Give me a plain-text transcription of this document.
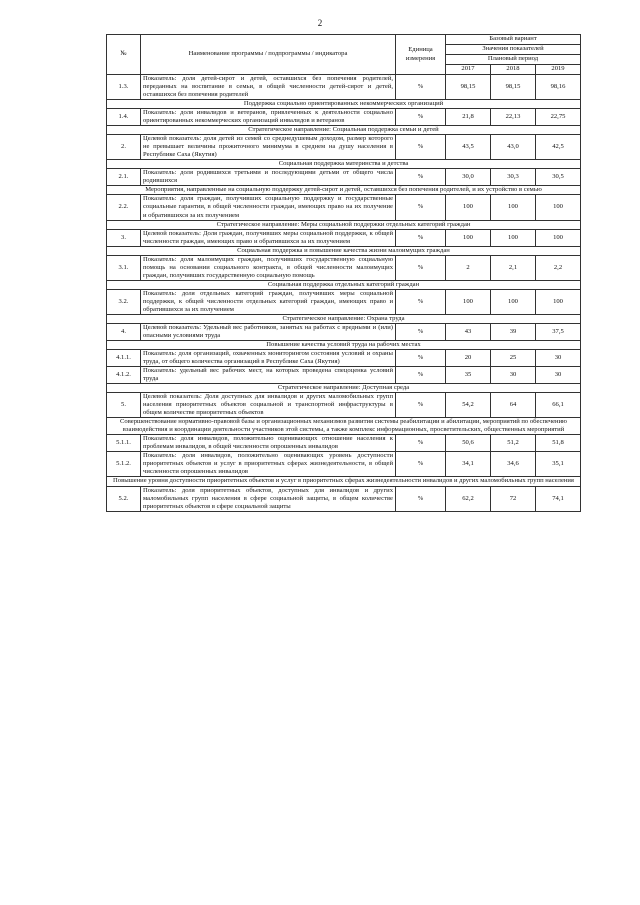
2
№	Наименование программы / подпрограммы / индикатора	Единица измерения	Базовый вариант		
			Значения показателей		
			Плановый период		
			2017	2018	2019
1.3.	Показатель: доля детей-сирот и детей, оставшихся без попечения родителей, переданных на воспитание в семьи, в общей численности детей-сирот и детей, оставшихся без попечения родителей	%	98,15	98,15	98,16
Поддержка социально ориентированных некоммерческих организаций					
1.4.	Показатель: доля инвалидов и ветеранов, привлеченных к деятельности социально ориентированных некоммерческих организаций инвалидов и ветеранов	%	21,8	22,13	22,75
Стратегическое направление: Социальная поддержка семьи и детей					
2.	Целевой показатель: доля детей из семей со среднедушевым доходом, размер которого не превышает величины прожиточного минимума в среднем на душу населения в Республике Саха (Якутия)	%	43,5	43,0	42,5
Социальная поддержка материнства и детства					
2.1.	Показатель: доля родившихся третьими и последующими детьми от общего числа родившихся	%	30,0	30,3	30,5
Мероприятия, направленные на социальную поддержку детей-сирот и детей, оставшихся без попечения родителей, и их устройство в семью					
2.2.	Показатель: доля граждан, получивших социальную поддержку и государственные социальные гарантии, в общей численности граждан, имеющих право на их получение и обратившихся за их получением	%	100	100	100
Стратегическое направление: Меры социальной поддержки отдельных категорий граждан					
3.	Целевой показатель: Доля граждан, получивших меры социальной поддержки, к общей численности граждан, имеющих право и обратившихся за их получением	%	100	100	100
Социальная поддержка и повышение качества жизни малоимущих граждан					
3.1.	Показатель: доля малоимущих граждан, получивших государственную социальную помощь на основании социального контракта, в общей численности малоимущих граждан, получивших государственную социальную помощь	%	2	2,1	2,2
Социальная поддержка отдельных категорий граждан					
3.2.	Показатель: доля отдельных категорий граждан, получивших меры социальной поддержки, к общей численности отдельных категорий граждан, имеющих право и обратившихся за их получением	%	100	100	100
Стратегическое направление: Охрана труда					
4.	Целевой показатель: Удельный вес работников, занятых на работах с вредными и (или) опасными условиями труда	%	43	39	37,5
Повышение качества условий труда на рабочих местах					
4.1.1.	Показатель: доля организаций, охваченных мониторингом состояния условий и охраны труда, от общего количества организаций в Республике Саха (Якутия)	%	20	25	30
4.1.2.	Показатель: удельный вес рабочих мест, на которых проведена спецоценка условий труда	%	35	30	30
Стратегическое направление: Доступная среда					
5.	Целевой показатель: Доля доступных для инвалидов и других маломобильных групп населения приоритетных объектов социальной и транспортной инфраструктуры в общем количестве приоритетных объектов	%	54,2	64	66,1
Совершенствование нормативно-правовой базы и организационных механизмов развития системы реабилитации и абилитации, мероприятий по обеспечению взаимодействия и координации деятельности участников этой системы, а также комплекс информационных, просветительских, общественных мероприятий					
5.1.1.	Показатель: доля инвалидов, положительно оценивающих отношение населения к проблемам инвалидов, в общей численности опрошенных инвалидов	%	50,6	51,2	51,8
5.1.2.	Показатель: доля инвалидов, положительно оценивающих уровень доступности приоритетных объектов и услуг в приоритетных сферах жизнедеятельности, в общей численности опрошенных инвалидов	%	34,1	34,6	35,1
Повышение уровня доступности приоритетных объектов и услуг в приоритетных сферах жизнедеятельности инвалидов и других маломобильных групп населения					
5.2.	Показатель: доля приоритетных объектов, доступных для инвалидов и других маломобильных групп населения в сфере социальной защиты, в общем количестве приоритетных объектов в сфере социальной защиты	%	62,2	72	74,1
